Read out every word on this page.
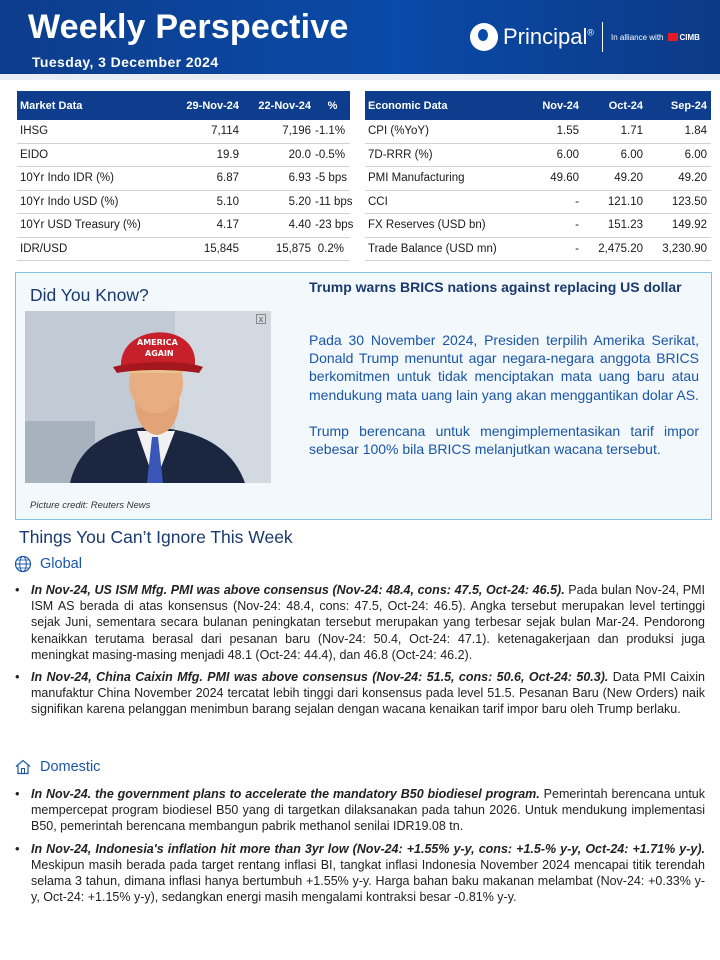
Weekly Perspective
Tuesday, 3 December 2024
Principal® In alliance with CIMB
Market Data	29-Nov-24	22-Nov-24	%
IHSG	7,114	7,196 -1.1%
EIDO	19.9	20.0 -0.5%
10Yr Indo IDR (%)	6.87	6.93 -5 bps
10Yr Indo USD (%)	5.10	5.20 -11 bps
10Yr USD Treasury (%)	4.17	4.40 -23 bps
IDR/USD	15,845	15,875 0.2%
Economic Data	Nov-24	Oct-24	Sep-24
CPI (%YoY)	1.55	1.71	1.84
7D-RRR (%)	6.00	6.00	6.00
PMI Manufacturing	49.60	49.20	49.20
CCI	-	121.10	123.50
FX Reserves (USD bn)	-	151.23	149.92
Trade Balance (USD mn)	-	2,475.20	3,230.90
Did You Know?
AMERICA
AGAIN
x
Picture credit: Reuters News
Trump warns BRICS nations against replacing US dollar

Pada 30 November 2024, Presiden terpilih Amerika Serikat, Donald Trump menuntut agar negara-negara anggota BRICS berkomitmen untuk tidak menciptakan mata uang baru atau mendukung mata uang lain yang akan menggantikan dolar AS.

Trump berencana untuk mengimplementasikan tarif impor sebesar 100% bila BRICS melanjutkan wacana tersebut.

Things You Can’t Ignore This Week
Global
• In Nov-24, US ISM Mfg. PMI was above consensus (Nov-24: 48.4, cons: 47.5, Oct-24: 46.5). Pada bulan Nov-24, PMI ISM AS berada di atas konsensus (Nov-24: 48.4, cons: 47.5, Oct-24: 46.5). Angka tersebut merupakan level tertinggi sejak Juni, sementara secara bulanan peningkatan tersebut merupakan yang terbesar sejak bulan Mar-24. Pendorong kenaikkan terutama berasal dari pesanan baru (Nov-24: 50.4, Oct-24: 47.1). ketenagakerjaan dan produksi juga meningkat masing-masing menjadi 48.1 (Oct-24: 44.4), dan 46.8 (Oct-24: 46.2).
• In Nov-24, China Caixin Mfg. PMI was above consensus (Nov-24: 51.5, cons: 50.6, Oct-24: 50.3). Data PMI Caixin manufaktur China November 2024 tercatat lebih tinggi dari konsensus pada level 51.5. Pesanan Baru (New Orders) naik signifikan karena pelanggan menimbun barang sejalan dengan wacana kenaikan tarif impor baru oleh Trump berlaku.
Domestic
• In Nov-24. the government plans to accelerate the mandatory B50 biodiesel program. Pemerintah berencana untuk mempercepat program biodiesel B50 yang di targetkan dilaksanakan pada tahun 2026. Untuk mendukung implementasi B50, pemerintah berencana membangun pabrik methanol senilai IDR19.08 tn.
• In Nov-24, Indonesia's inflation hit more than 3yr low (Nov-24: +1.55% y-y, cons: +1.5-% y-y, Oct-24: +1.71% y-y). Meskipun masih berada pada target rentang inflasi BI, tangkat inflasi Indonesia November 2024 mencapai titik terendah selama 3 tahun, dimana inflasi hanya bertumbuh +1.55% y-y. Harga bahan baku makanan melambat (Nov-24: +0.33% y-y, Oct-24: +1.15% y-y), sedangkan energi masih mengalami kontraksi besar -0.81% y-y.
